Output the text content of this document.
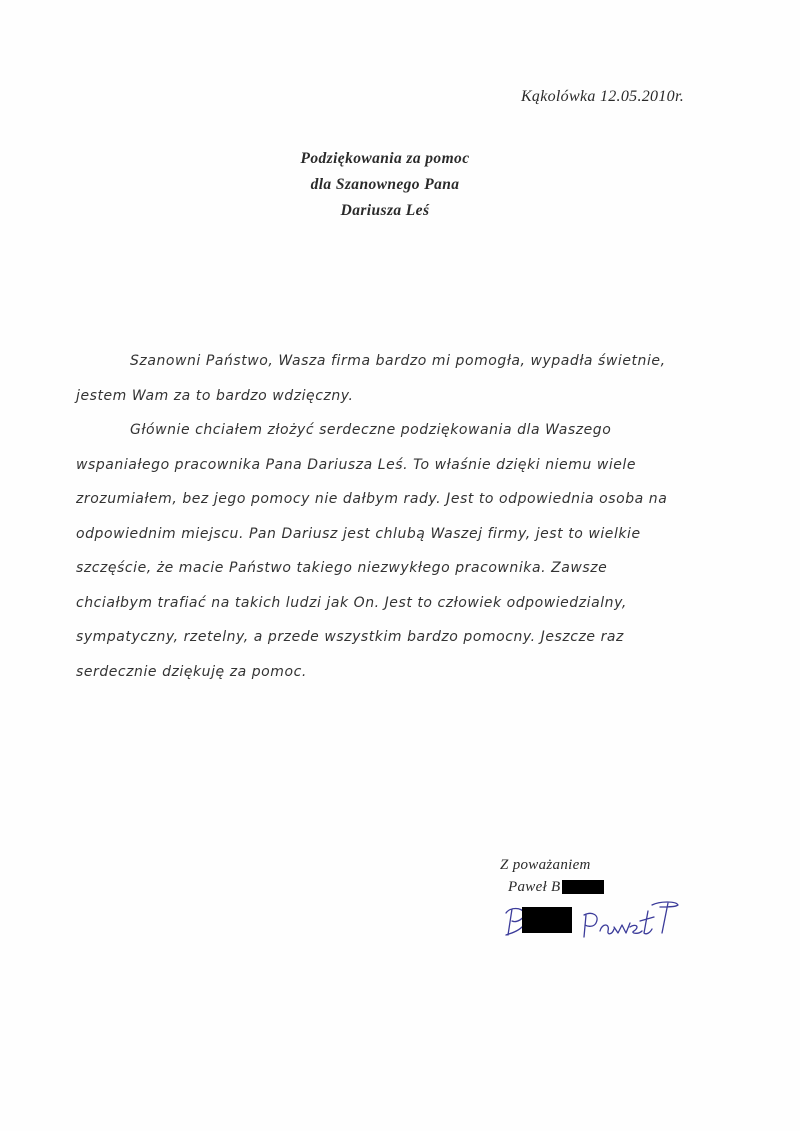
Kąkolówka 12.05.2010r.
Podziękowania za pomoc
dla Szanownego Pana
Dariusza Leś

Szanowni Państwo, Wasza firma bardzo mi pomogła, wypadła świetnie, jestem Wam za to bardzo wdzięczny.

Głównie chciałem złożyć serdeczne podziękowania dla Waszego wspaniałego pracownika Pana Dariusza Leś. To właśnie dzięki niemu wiele zrozumiałem, bez jego pomocy nie dałbym rady. Jest to odpowiednia osoba na odpowiednim miejscu. Pan Dariusz jest chlubą Waszej firmy, jest to wielkie szczęście, że macie Państwo takiego niezwykłego pracownika. Zawsze chciałbym trafiać na takich ludzi jak On. Jest to człowiek odpowiedzialny, sympatyczny, rzetelny, a przede wszystkim bardzo pomocny. Jeszcze raz serdecznie dziękuję za pomoc.

Z poważaniem
Paweł B
